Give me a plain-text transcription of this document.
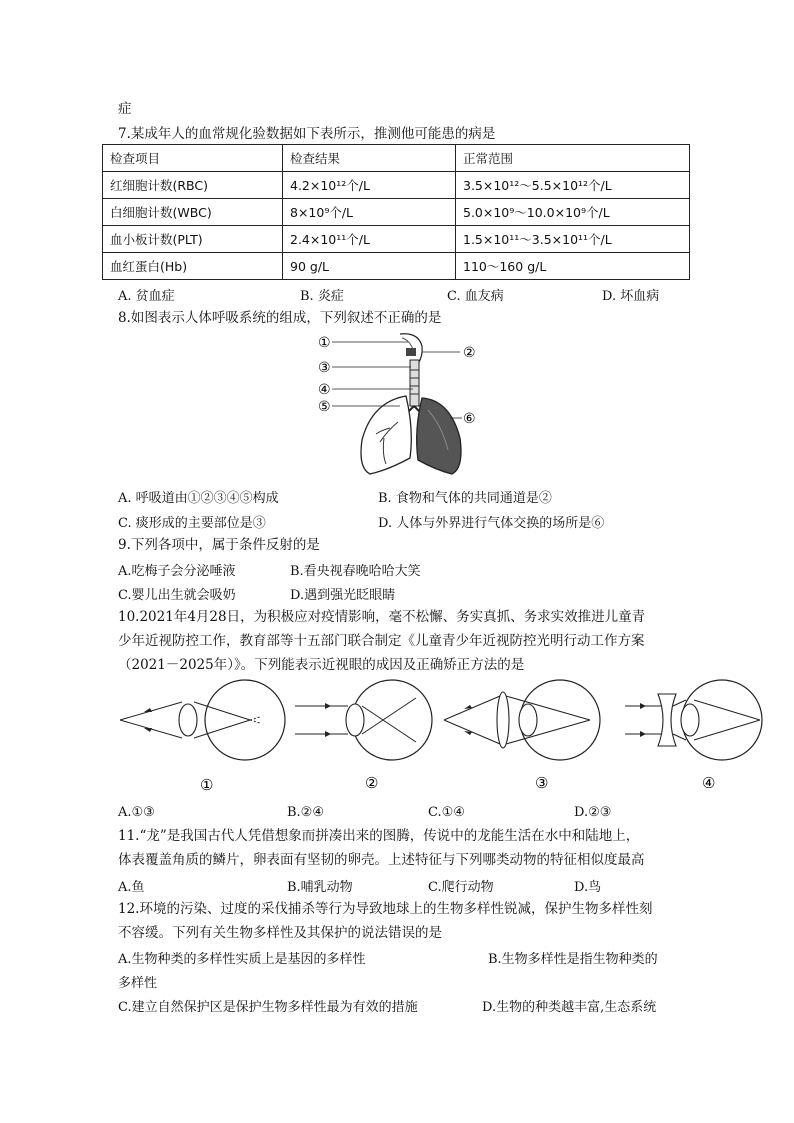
症
7.某成年人的血常规化验数据如下表所示，推测他可能患的病是
检查项目	检查结果	正常范围
红细胞计数(RBC)	4.2×10¹²个/L	3.5×10¹²～5.5×10¹²个/L
白细胞计数(WBC)	8×10⁹个/L	5.0×10⁹～10.0×10⁹个/L
血小板计数(PLT)	2.4×10¹¹个/L	1.5×10¹¹～3.5×10¹¹个/L
血红蛋白(Hb)	90 g/L	110～160 g/L
A. 贫血症	B. 炎症	C. 血友病	D. 坏血病
8.如图表示人体呼吸系统的组成，下列叙述不正确的是
①
②
③
④
⑤
⑥
A. 呼吸道由①②③④⑤构成	B. 食物和气体的共同通道是②
C. 痰形成的主要部位是③	D. 人体与外界进行气体交换的场所是⑥
9.下列各项中，属于条件反射的是
A.吃梅子会分泌唾液	B.看央视春晚哈哈大笑
C.婴儿出生就会吸奶	D.遇到强光眨眼睛
10.2021年4月28日，为积极应对疫情影响，毫不松懈、务实真抓、务求实效推进儿童青
少年近视防控工作，教育部等十五部门联合制定《儿童青少年近视防控光明行动工作方案
（2021－2025年）》。下列能表示近视眼的成因及正确矫正方法的是
①	②	③	④
A.①③	B.②④	C.①④	D.②③
11.“龙”是我国古代人凭借想象而拼凑出来的图腾，传说中的龙能生活在水中和陆地上，
体表覆盖角质的鳞片，卵表面有坚韧的卵壳。上述特征与下列哪类动物的特征相似度最高
A.鱼	B.哺乳动物	C.爬行动物	D.鸟
12.环境的污染、过度的采伐捕杀等行为导致地球上的生物多样性锐减，保护生物多样性刻
不容缓。下列有关生物多样性及其保护的说法错误的是
A.生物种类的多样性实质上是基因的多样性	B.生物多样性是指生物种类的
多样性
C.建立自然保护区是保护生物多样性最为有效的措施	D.生物的种类越丰富,生态系统
